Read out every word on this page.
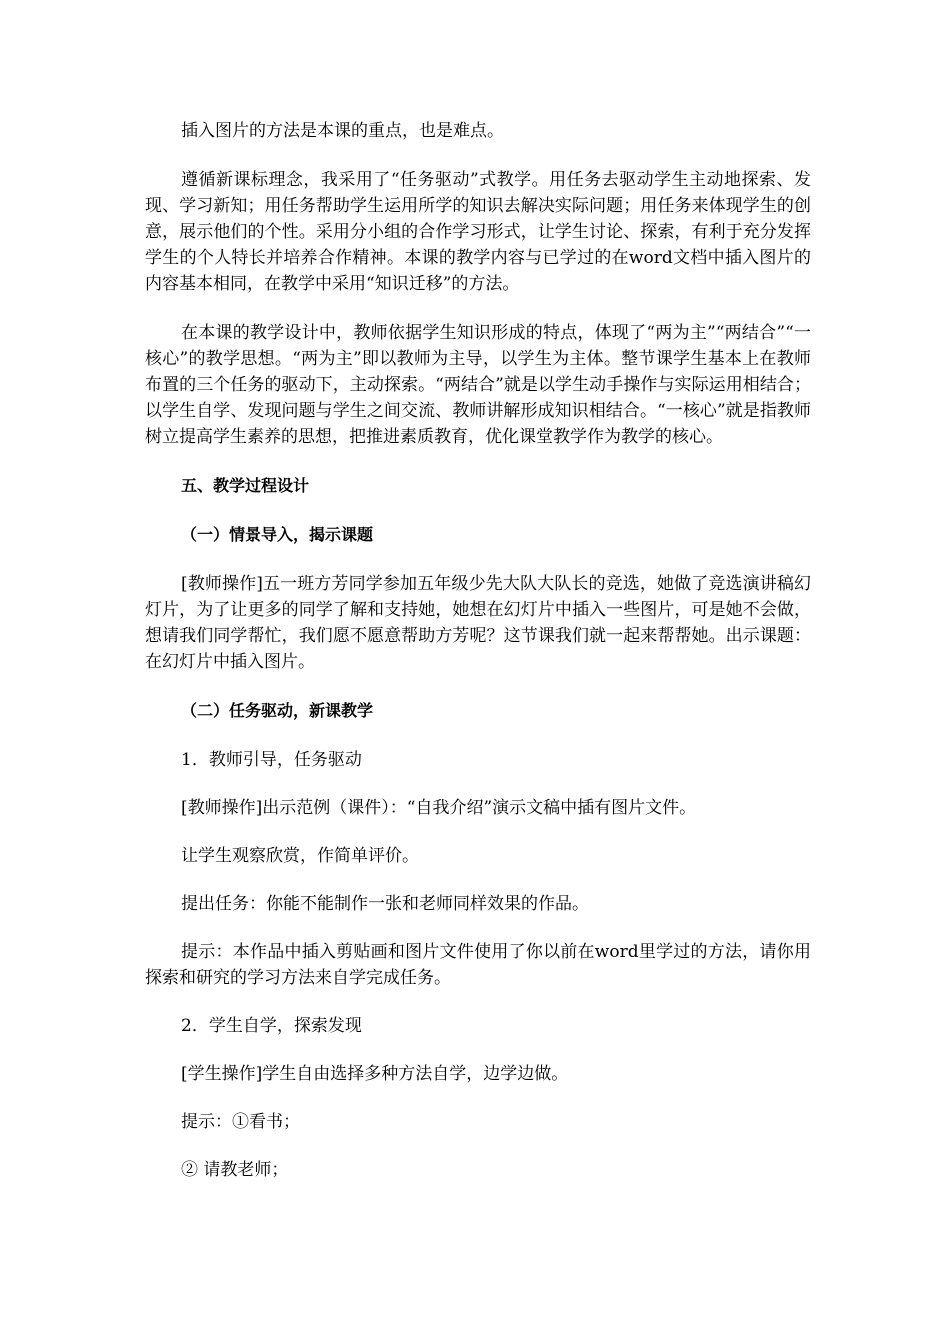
插入图片的方法是本课的重点，也是难点。

遵循新课标理念，我采用了“任务驱动”式教学。用任务去驱动学生主动地探索、发现、学习新知；用任务帮助学生运用所学的知识去解决实际问题；用任务来体现学生的创意，展示他们的个性。采用分小组的合作学习形式，让学生讨论、探索，有利于充分发挥学生的个人特长并培养合作精神。本课的教学内容与已学过的在word文档中插入图片的内容基本相同，在教学中采用“知识迁移”的方法。

在本课的教学设计中，教师依据学生知识形成的特点，体现了“两为主”“两结合”“一核心”的教学思想。“两为主”即以教师为主导，以学生为主体。整节课学生基本上在教师布置的三个任务的驱动下，主动探索。“两结合”就是以学生动手操作与实际运用相结合；以学生自学、发现问题与学生之间交流、教师讲解形成知识相结合。“一核心”就是指教师树立提高学生素养的思想，把推进素质教育，优化课堂教学作为教学的核心。

五、教学过程设计

（一）情景导入，揭示课题

[教师操作]五一班方芳同学参加五年级少先大队大队长的竞选，她做了竞选演讲稿幻灯片，为了让更多的同学了解和支持她，她想在幻灯片中插入一些图片，可是她不会做，想请我们同学帮忙，我们愿不愿意帮助方芳呢？这节课我们就一起来帮帮她。出示课题：在幻灯片中插入图片。

（二）任务驱动，新课教学

1．教师引导，任务驱动

[教师操作]出示范例（课件）：“自我介绍”演示文稿中插有图片文件。

让学生观察欣赏，作简单评价。

提出任务：你能不能制作一张和老师同样效果的作品。

提示：本作品中插入剪贴画和图片文件使用了你以前在word里学过的方法，请你用探索和研究的学习方法来自学完成任务。

2．学生自学，探索发现

[学生操作]学生自由选择多种方法自学，边学边做。

提示：①看书；

② 请教老师；
